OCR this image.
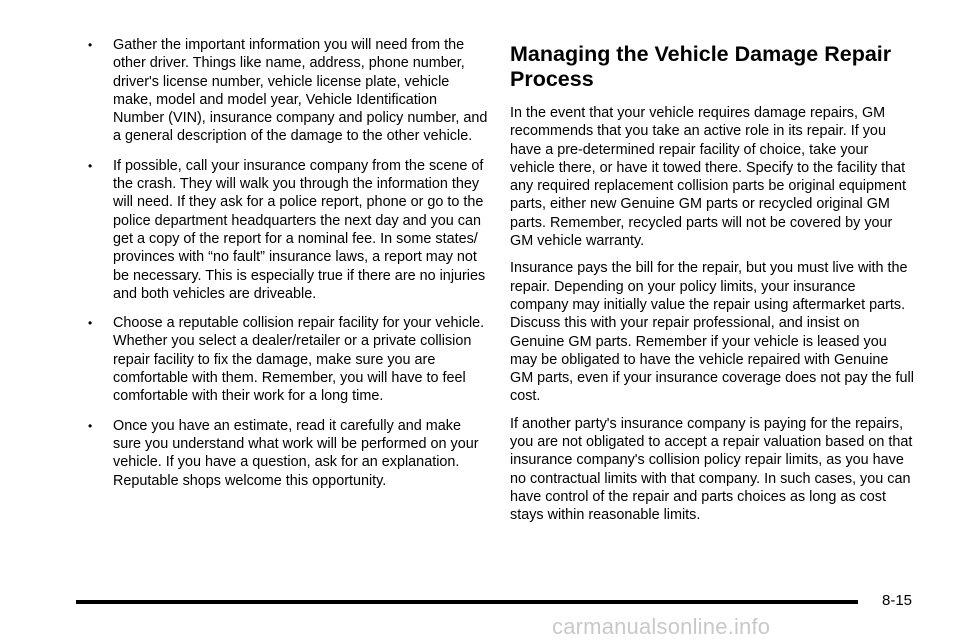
• Gather the important information you will need from the other driver. Things like name, address, phone number, driver's license number, vehicle license plate, vehicle make, model and model year, Vehicle Identification Number (VIN), insurance company and policy number, and a general description of the damage to the other vehicle.
• If possible, call your insurance company from the scene of the crash. They will walk you through the information they will need. If they ask for a police report, phone or go to the police department headquarters the next day and you can get a copy of the report for a nominal fee. In some states/ provinces with “no fault” insurance laws, a report may not be necessary. This is especially true if there are no injuries and both vehicles are driveable.
• Choose a reputable collision repair facility for your vehicle. Whether you select a dealer/retailer or a private collision repair facility to fix the damage, make sure you are comfortable with them. Remember, you will have to feel comfortable with their work for a long time.
• Once you have an estimate, read it carefully and make sure you understand what work will be performed on your vehicle. If you have a question, ask for an explanation. Reputable shops welcome this opportunity.
Managing the Vehicle Damage Repair Process

In the event that your vehicle requires damage repairs, GM recommends that you take an active role in its repair. If you have a pre-determined repair facility of choice, take your vehicle there, or have it towed there. Specify to the facility that any required replacement collision parts be original equipment parts, either new Genuine GM parts or recycled original GM parts. Remember, recycled parts will not be covered by your GM vehicle warranty.

Insurance pays the bill for the repair, but you must live with the repair. Depending on your policy limits, your insurance company may initially value the repair using aftermarket parts. Discuss this with your repair professional, and insist on Genuine GM parts. Remember if your vehicle is leased you may be obligated to have the vehicle repaired with Genuine GM parts, even if your insurance coverage does not pay the full cost.

If another party's insurance company is paying for the repairs, you are not obligated to accept a repair valuation based on that insurance company's collision policy repair limits, as you have no contractual limits with that company. In such cases, you can have control of the repair and parts choices as long as cost stays within reasonable limits.

8-15
carmanualsonline.info
